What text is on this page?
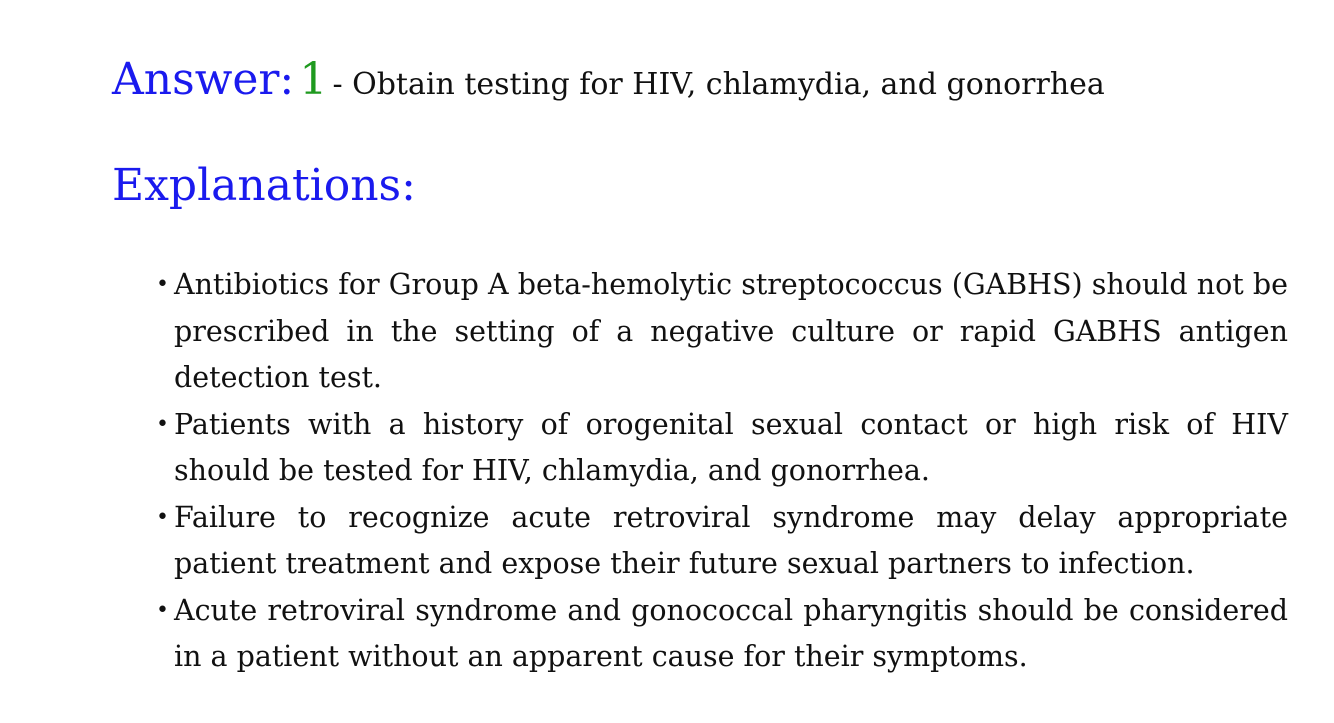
Answer: 1 - Obtain testing for HIV, chlamydia, and gonorrhea
Explanations:
• Antibiotics for Group A beta-hemolytic streptococcus (GABHS) should not be prescribed in the setting of a negative culture or rapid GABHS antigen detection test.
• Patients with a history of orogenital sexual contact or high risk of HIV should be tested for HIV, chlamydia, and gonorrhea.
• Failure to recognize acute retroviral syndrome may delay appropriate patient treatment and expose their future sexual partners to infection.
• Acute retroviral syndrome and gonococcal pharyngitis should be considered in a patient without an apparent cause for their symptoms.
